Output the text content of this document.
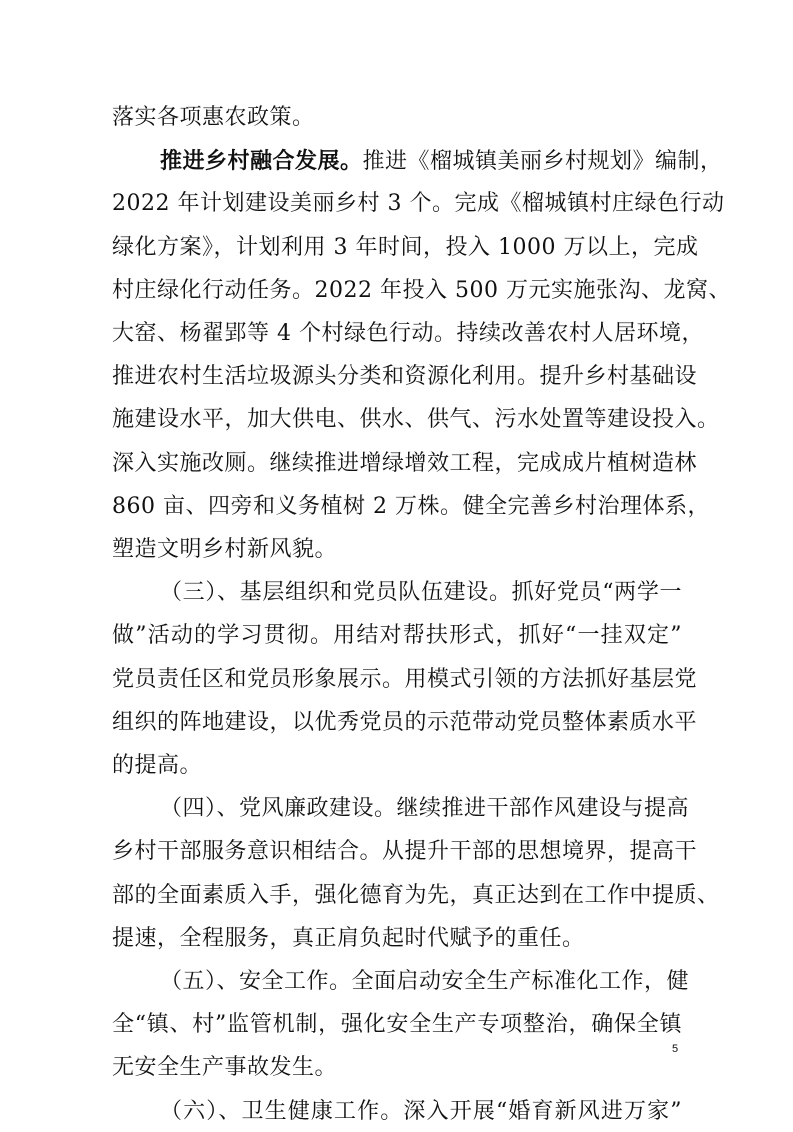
落实各项惠农政策。
推进乡村融合发展。推进《榴城镇美丽乡村规划》编制，
2022 年计划建设美丽乡村 3 个。完成《榴城镇村庄绿色行动
绿化方案》，计划利用 3 年时间，投入 1000 万以上，完成
村庄绿化行动任务。2022 年投入 500 万元实施张沟、龙窝、
大窑、杨翟郢等 4 个村绿色行动。持续改善农村人居环境，
推进农村生活垃圾源头分类和资源化利用。提升乡村基础设
施建设水平，加大供电、供水、供气、污水处置等建设投入。
深入实施改厕。继续推进增绿增效工程，完成成片植树造林
860 亩、四旁和义务植树 2 万株。健全完善乡村治理体系，
塑造文明乡村新风貌。
（三）、基层组织和党员队伍建设。抓好党员“两学一
做”活动的学习贯彻。用结对帮扶形式，抓好“一挂双定”
党员责任区和党员形象展示。用模式引领的方法抓好基层党
组织的阵地建设，以优秀党员的示范带动党员整体素质水平
的提高。
（四）、党风廉政建设。继续推进干部作风建设与提高
乡村干部服务意识相结合。从提升干部的思想境界，提高干
部的全面素质入手，强化德育为先，真正达到在工作中提质、
提速，全程服务，真正肩负起时代赋予的重任。
（五）、安全工作。全面启动安全生产标准化工作，健
全“镇、村”监管机制，强化安全生产专项整治，确保全镇
无安全生产事故发生。
（六）、卫生健康工作。深入开展“婚育新风进万家”
5
